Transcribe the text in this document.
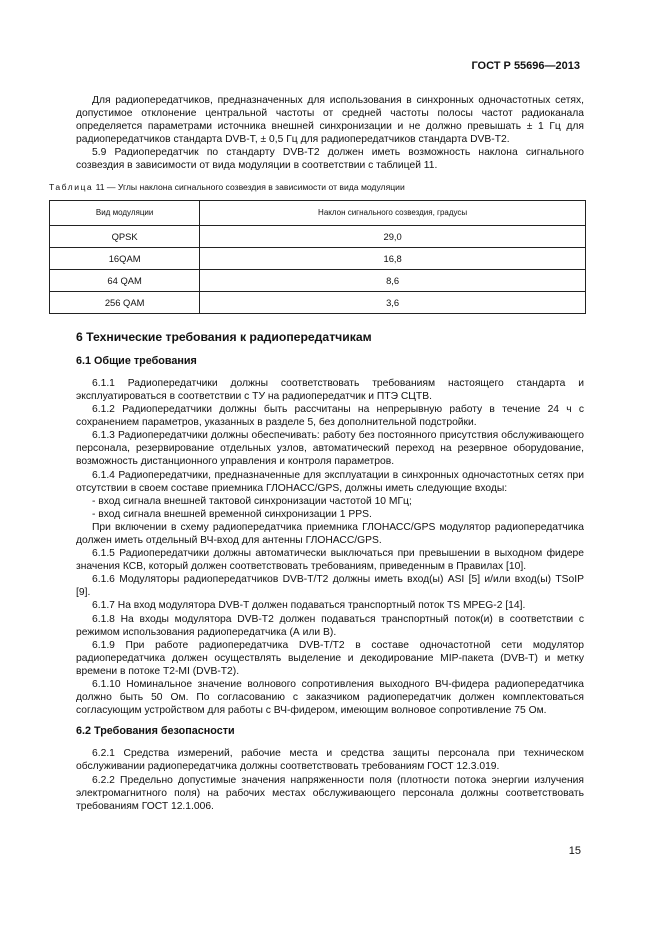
ГОСТ Р 55696—2013

Для радиопередатчиков, предназначенных для использования в синхронных одночастотных сетях, допустимое отклонение центральной частоты от средней частоты полосы частот радиоканала определяется параметрами источника внешней синхронизации и не должно превышать ± 1 Гц для радиопередатчиков стандарта DVB-T, ± 0,5 Гц для радиопередатчиков стандарта DVB-T2.

5.9 Радиопередатчик по стандарту DVB-T2 должен иметь возможность наклона сигнального созвездия в зависимости от вида модуляции в соответствии с таблицей 11.

Таблица 11 — Углы наклона сигнального созвездия в зависимости от вида модуляции

Вид модуляции	Наклон сигнального созвездия, градусы
QPSK	29,0
16QAM	16,8
64 QAM	8,6
256 QAM	3,6

6 Технические требования к радиопередатчикам

6.1 Общие требования

6.1.1 Радиопередатчики должны соответствовать требованиям настоящего стандарта и эксплуатироваться в соответствии с ТУ на радиопередатчик и ПТЭ СЦТВ.

6.1.2 Радиопередатчики должны быть рассчитаны на непрерывную работу в течение 24 ч с сохранением параметров, указанных в разделе 5, без дополнительной подстройки.

6.1.3 Радиопередатчики должны обеспечивать: работу без постоянного присутствия обслуживающего персонала, резервирование отдельных узлов, автоматический переход на резервное оборудование, возможность дистанционного управления и контроля параметров.

6.1.4 Радиопередатчики, предназначенные для эксплуатации в синхронных одночастотных сетях при отсутствии в своем составе приемника ГЛОНАСС/GPS, должны иметь следующие входы:

- вход сигнала внешней тактовой синхронизации частотой 10 МГц;

- вход сигнала внешней временной синхронизации 1 PPS.

При включении в схему радиопередатчика приемника ГЛОНАСС/GPS модулятор радиопередатчика должен иметь отдельный ВЧ-вход для антенны ГЛОНАСС/GPS.

6.1.5 Радиопередатчики должны автоматически выключаться при превышении в выходном фидере значения КСВ, который должен соответствовать требованиям, приведенным в Правилах [10].

6.1.6 Модуляторы радиопередатчиков DVB-T/T2 должны иметь вход(ы) ASI [5] и/или вход(ы) TSoIP [9].

6.1.7 На вход модулятора DVB-T должен подаваться транспортный поток TS MPEG-2 [14].

6.1.8 На входы модулятора DVB-T2 должен подаваться транспортный поток(и) в соответствии с режимом использования радиопередатчика (А или В).

6.1.9 При работе радиопередатчика DVB-T/T2 в составе одночастотной сети модулятор радиопередатчика должен осуществлять выделение и декодирование MIP-пакета (DVB-T) и метку времени в потоке T2-MI (DVB-T2).

6.1.10 Номинальное значение волнового сопротивления выходного ВЧ-фидера радиопередатчика должно быть 50 Ом. По согласованию с заказчиком радиопередатчик должен комплектоваться согласующим устройством для работы с ВЧ-фидером, имеющим волновое сопротивление 75 Ом.

6.2 Требования безопасности

6.2.1 Средства измерений, рабочие места и средства защиты персонала при техническом обслуживании радиопередатчика должны соответствовать требованиям ГОСТ 12.3.019.

6.2.2 Предельно допустимые значения напряженности поля (плотности потока энергии излучения электромагнитного поля) на рабочих местах обслуживающего персонала должны соответствовать требованиям ГОСТ 12.1.006.

15
